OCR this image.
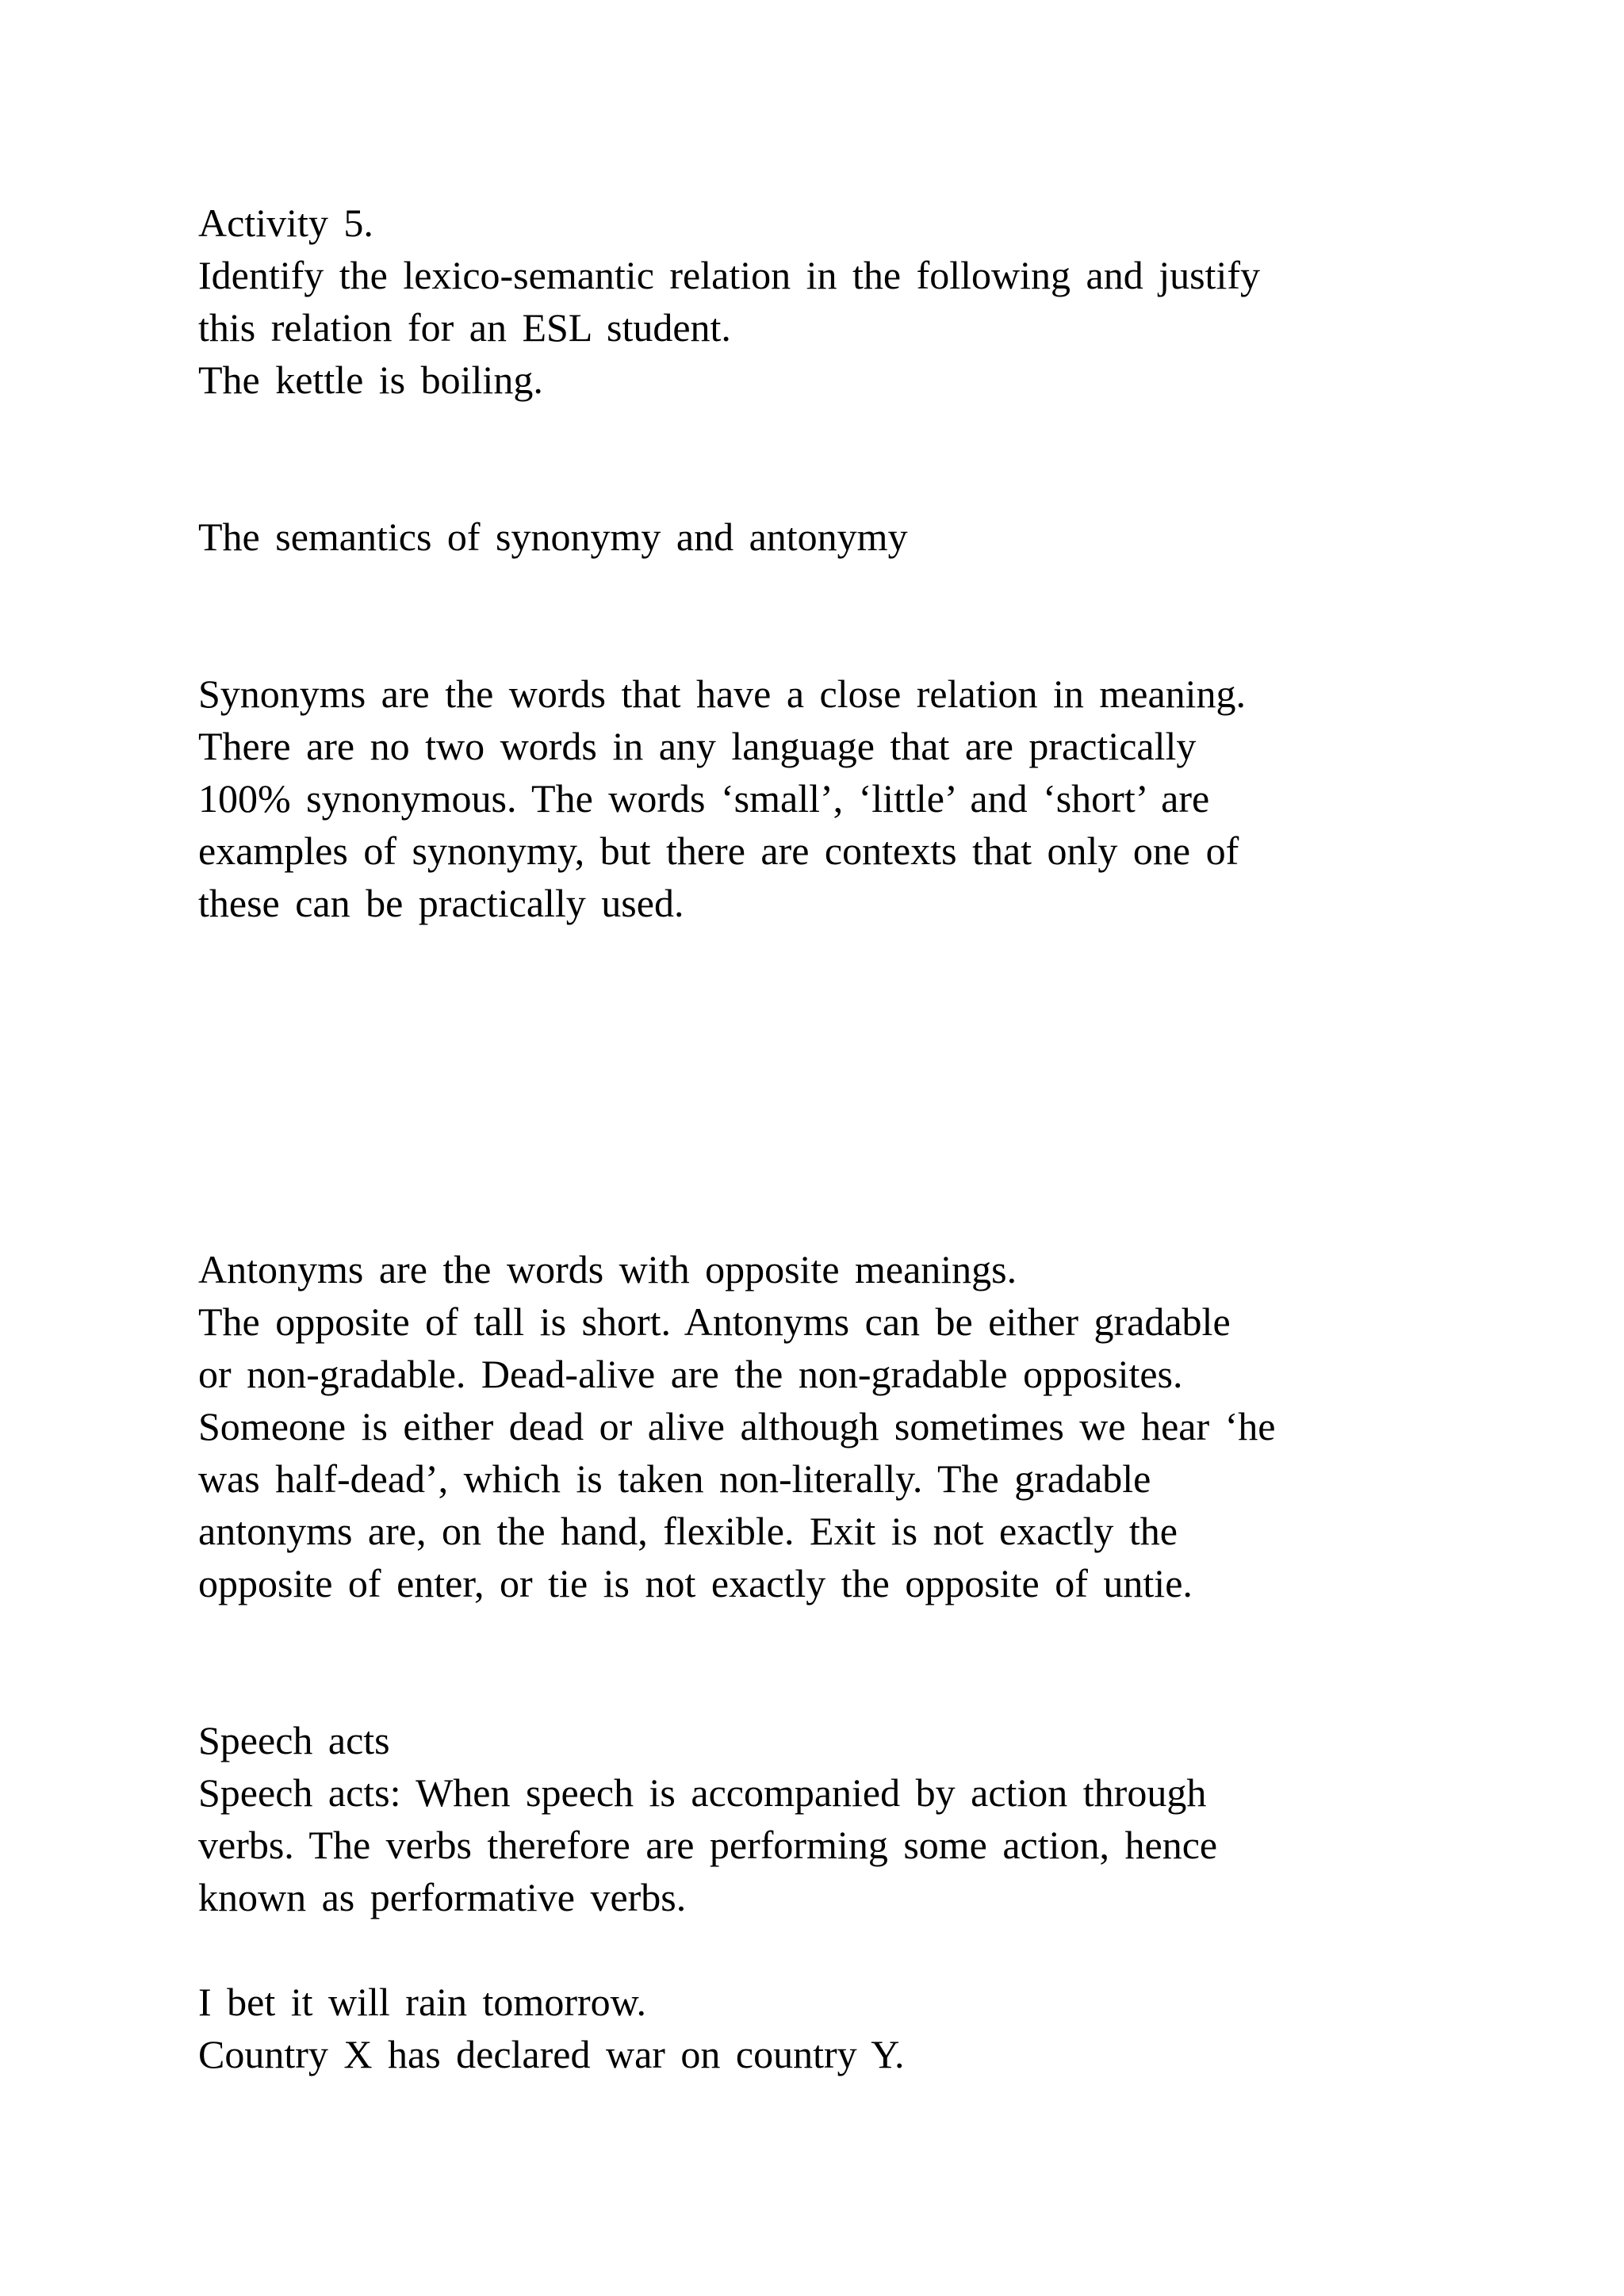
Activity 5.
Identify the lexico-semantic relation in the following and justify
this relation for an ESL student.
The kettle is boiling.
The semantics of synonymy and antonymy
Synonyms are the words that have a close relation in meaning.
There are no two words in any language that are practically
100% synonymous. The words ‘small’, ‘little’ and ‘short’ are
examples of synonymy, but there are contexts that only one of
these can be practically used.
Antonyms are the words with opposite meanings.
The opposite of tall is short. Antonyms can be either gradable
or non-gradable. Dead-alive are the non-gradable opposites.
Someone is either dead or alive although sometimes we hear ‘he
was half-dead’, which is taken non-literally. The gradable
antonyms are, on the hand, flexible. Exit is not exactly the
opposite of enter, or tie is not exactly the opposite of untie.
Speech acts
Speech acts: When speech is accompanied by action through
verbs. The verbs therefore are performing some action, hence
known as performative verbs.
I bet it will rain tomorrow.
Country X has declared war on country Y.
